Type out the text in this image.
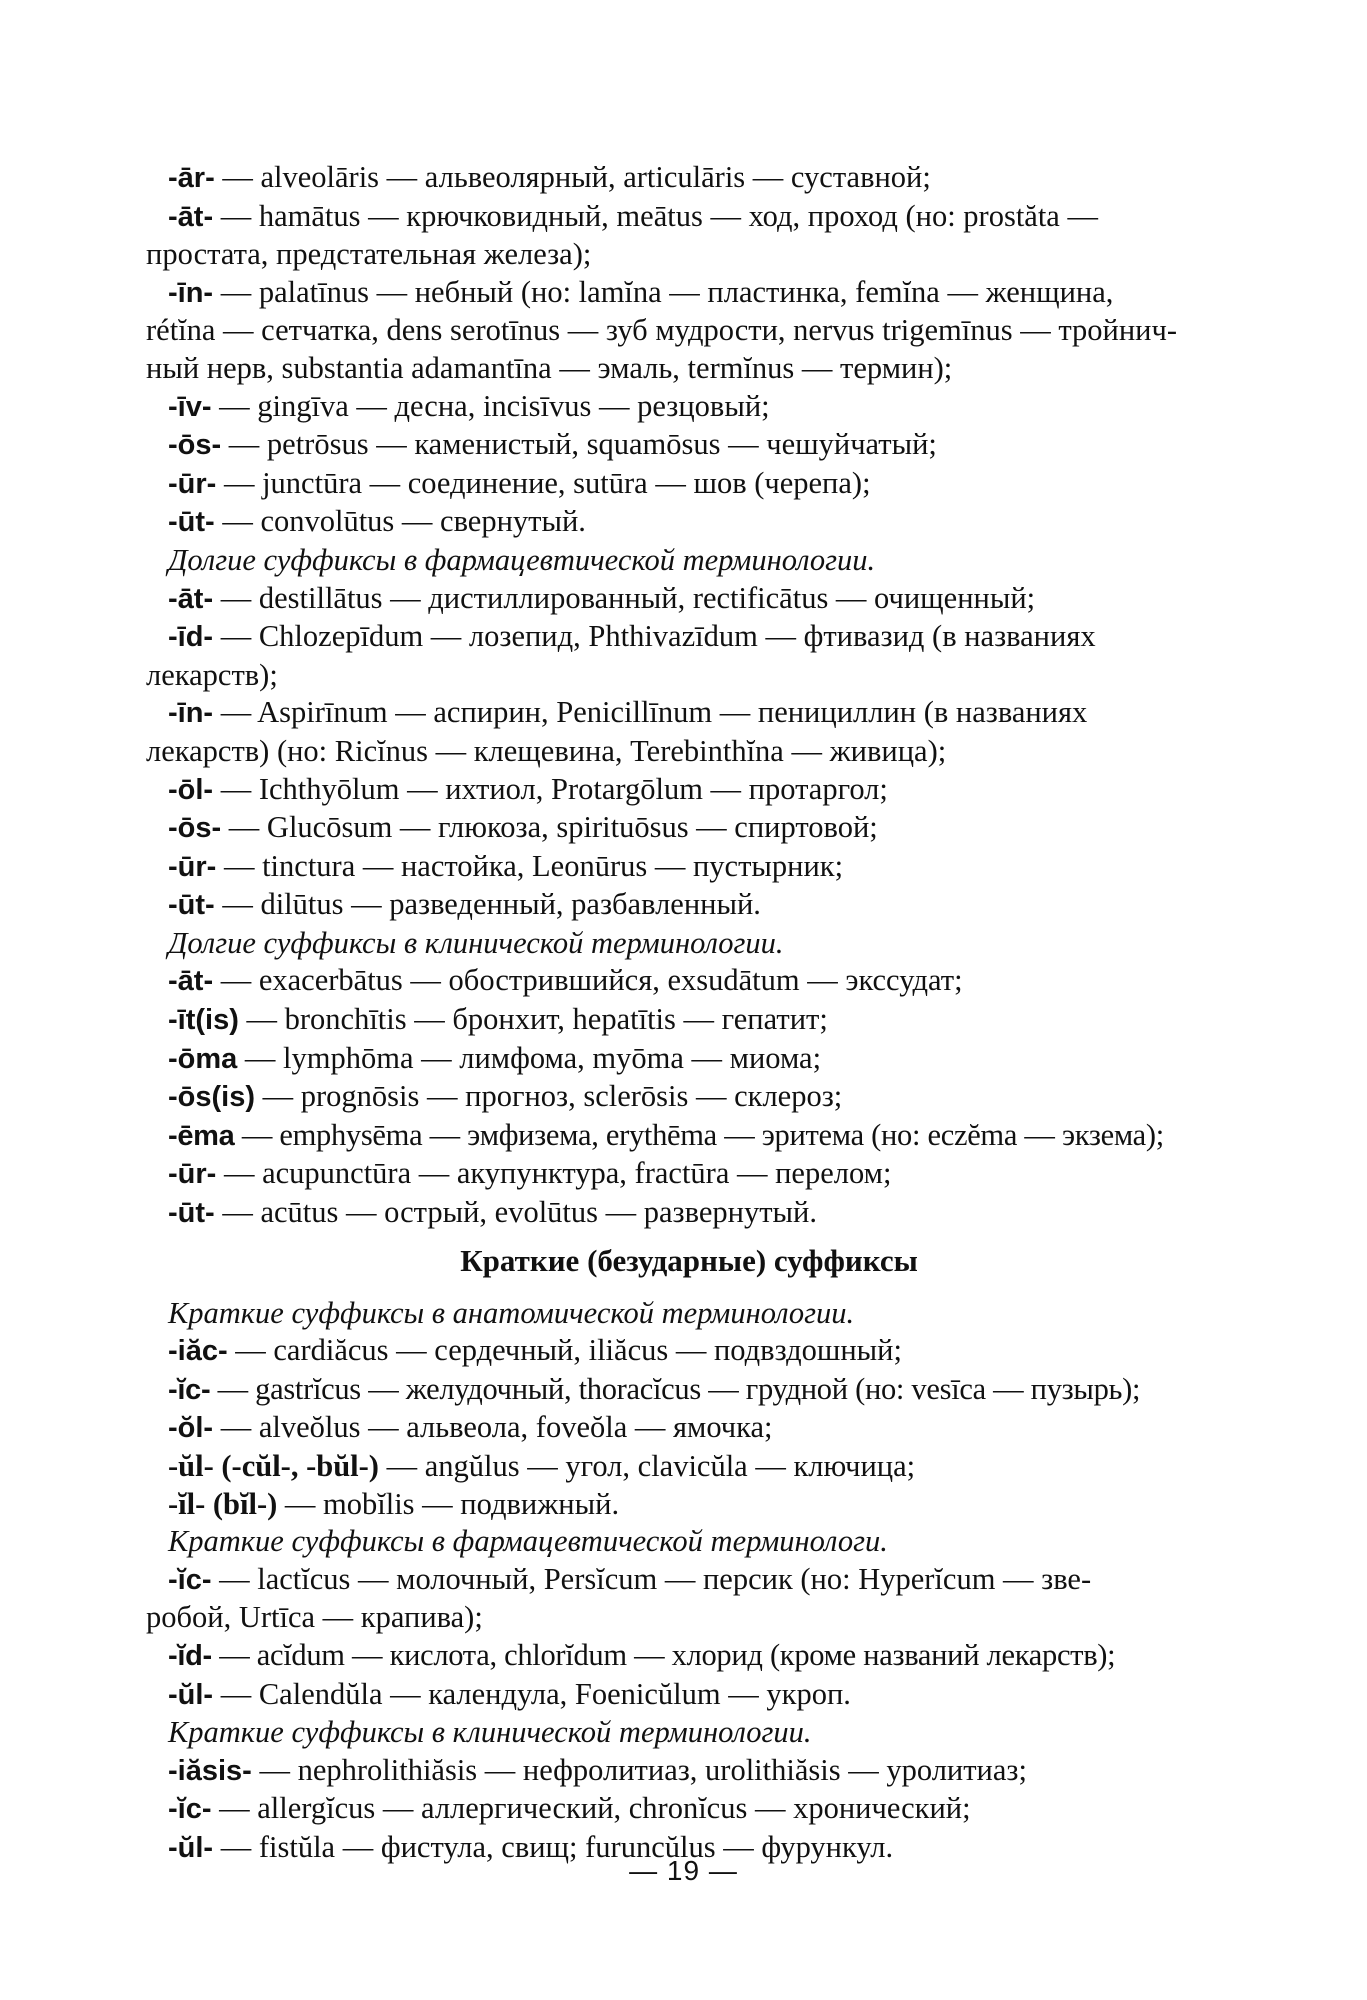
-ār- — alveolāris — альвеолярный, articulāris — суставной;

-āt- — hamātus — крючковидный, meātus — ход, проход (но: prostăta —

простата, предстательная железа);

-īn- — palatīnus — небный (но: lamĭna — пластинка, femĭna — женщина,

rétĭna — сетчатка, dens serotīnus — зуб мудрости, nervus trigemīnus — тройнич-

ный нерв, substantia adamantīna — эмаль, termĭnus — термин);

-īv- — gingīva — десна, incisīvus — резцовый;

-ōs- — petrōsus — каменистый, squamōsus — чешуйчатый;

-ūr- — junctūra — соединение, sutūra — шов (черепа);

-ūt- — convolūtus — свернутый.

Долгие суффиксы в фармацевтической терминологии.

-āt- — destillātus — дистиллированный, rectificātus — очищенный;

-īd- — Chlozepīdum — лозепид, Phthivazīdum — фтивазид (в названиях

лекарств);

-īn- — Aspirīnum — аспирин, Penicillīnum — пенициллин (в названиях

лекарств) (но: Ricĭnus — клещевина, Terebinthĭna — живица);

-ōl- — Ichthyōlum — ихтиол, Protargōlum — протаргол;

-ōs- — Glucōsum — глюкоза, spirituōsus — спиртовой;

-ūr- — tinctura — настойка, Leonūrus — пустырник;

-ūt- — dilūtus — разведенный, разбавленный.

Долгие суффиксы в клинической терминологии.

-āt- — exacerbātus — обострившийся, exsudātum — экссудат;

-īt(is) — bronchītis — бронхит, hepatītis — гепатит;

-ōma — lymphōma — лимфома, myōma — миома;

-ōs(is) — prognōsis — прогноз, sclerōsis — склероз;

-ēma — emphysēma — эмфизема, erythēma — эритема (но: eczĕma — экзема);

-ūr- — acupunctūra — акупунктура, fractūra — перелом;

-ūt- — acūtus — острый, evolūtus — развернутый.

Краткие (безударные) суффиксы

Краткие суффиксы в анатомической терминологии.

-iăc- — cardiăcus — сердечный, iliăcus — подвздошный;

-ĭc- — gastrĭcus — желудочный, thoracĭcus — грудной (но: vesīca — пузырь);

-ŏl- — alveŏlus — альвеола, foveŏla — ямочка;

-ŭl- (-cŭl-, -bŭl-) — angŭlus — угол, clavicŭla — ключица;

-ĭl- (bĭl-) — mobĭlis — подвижный.

Краткие суффиксы в фармацевтической терминологи.

-ĭc- — lactĭcus — молочный, Persĭcum — персик (но: Hyperĭcum — зве-

робой, Urtīca — крапива);

-ĭd- — acĭdum — кислота, chlorĭdum — хлорид (кроме названий лекарств);

-ŭl- — Calendŭla — календула, Foenicŭlum — укроп.

Краткие суффиксы в клинической терминологии.

-iăsis- — nephrolithiăsis — нефролитиаз, urolithiăsis — уролитиаз;

-ĭc- — allergĭcus — аллергический, chronĭcus — хронический;

-ŭl- — fistŭla — фистула, свищ; furuncŭlus — фурункул.

— 19 —
